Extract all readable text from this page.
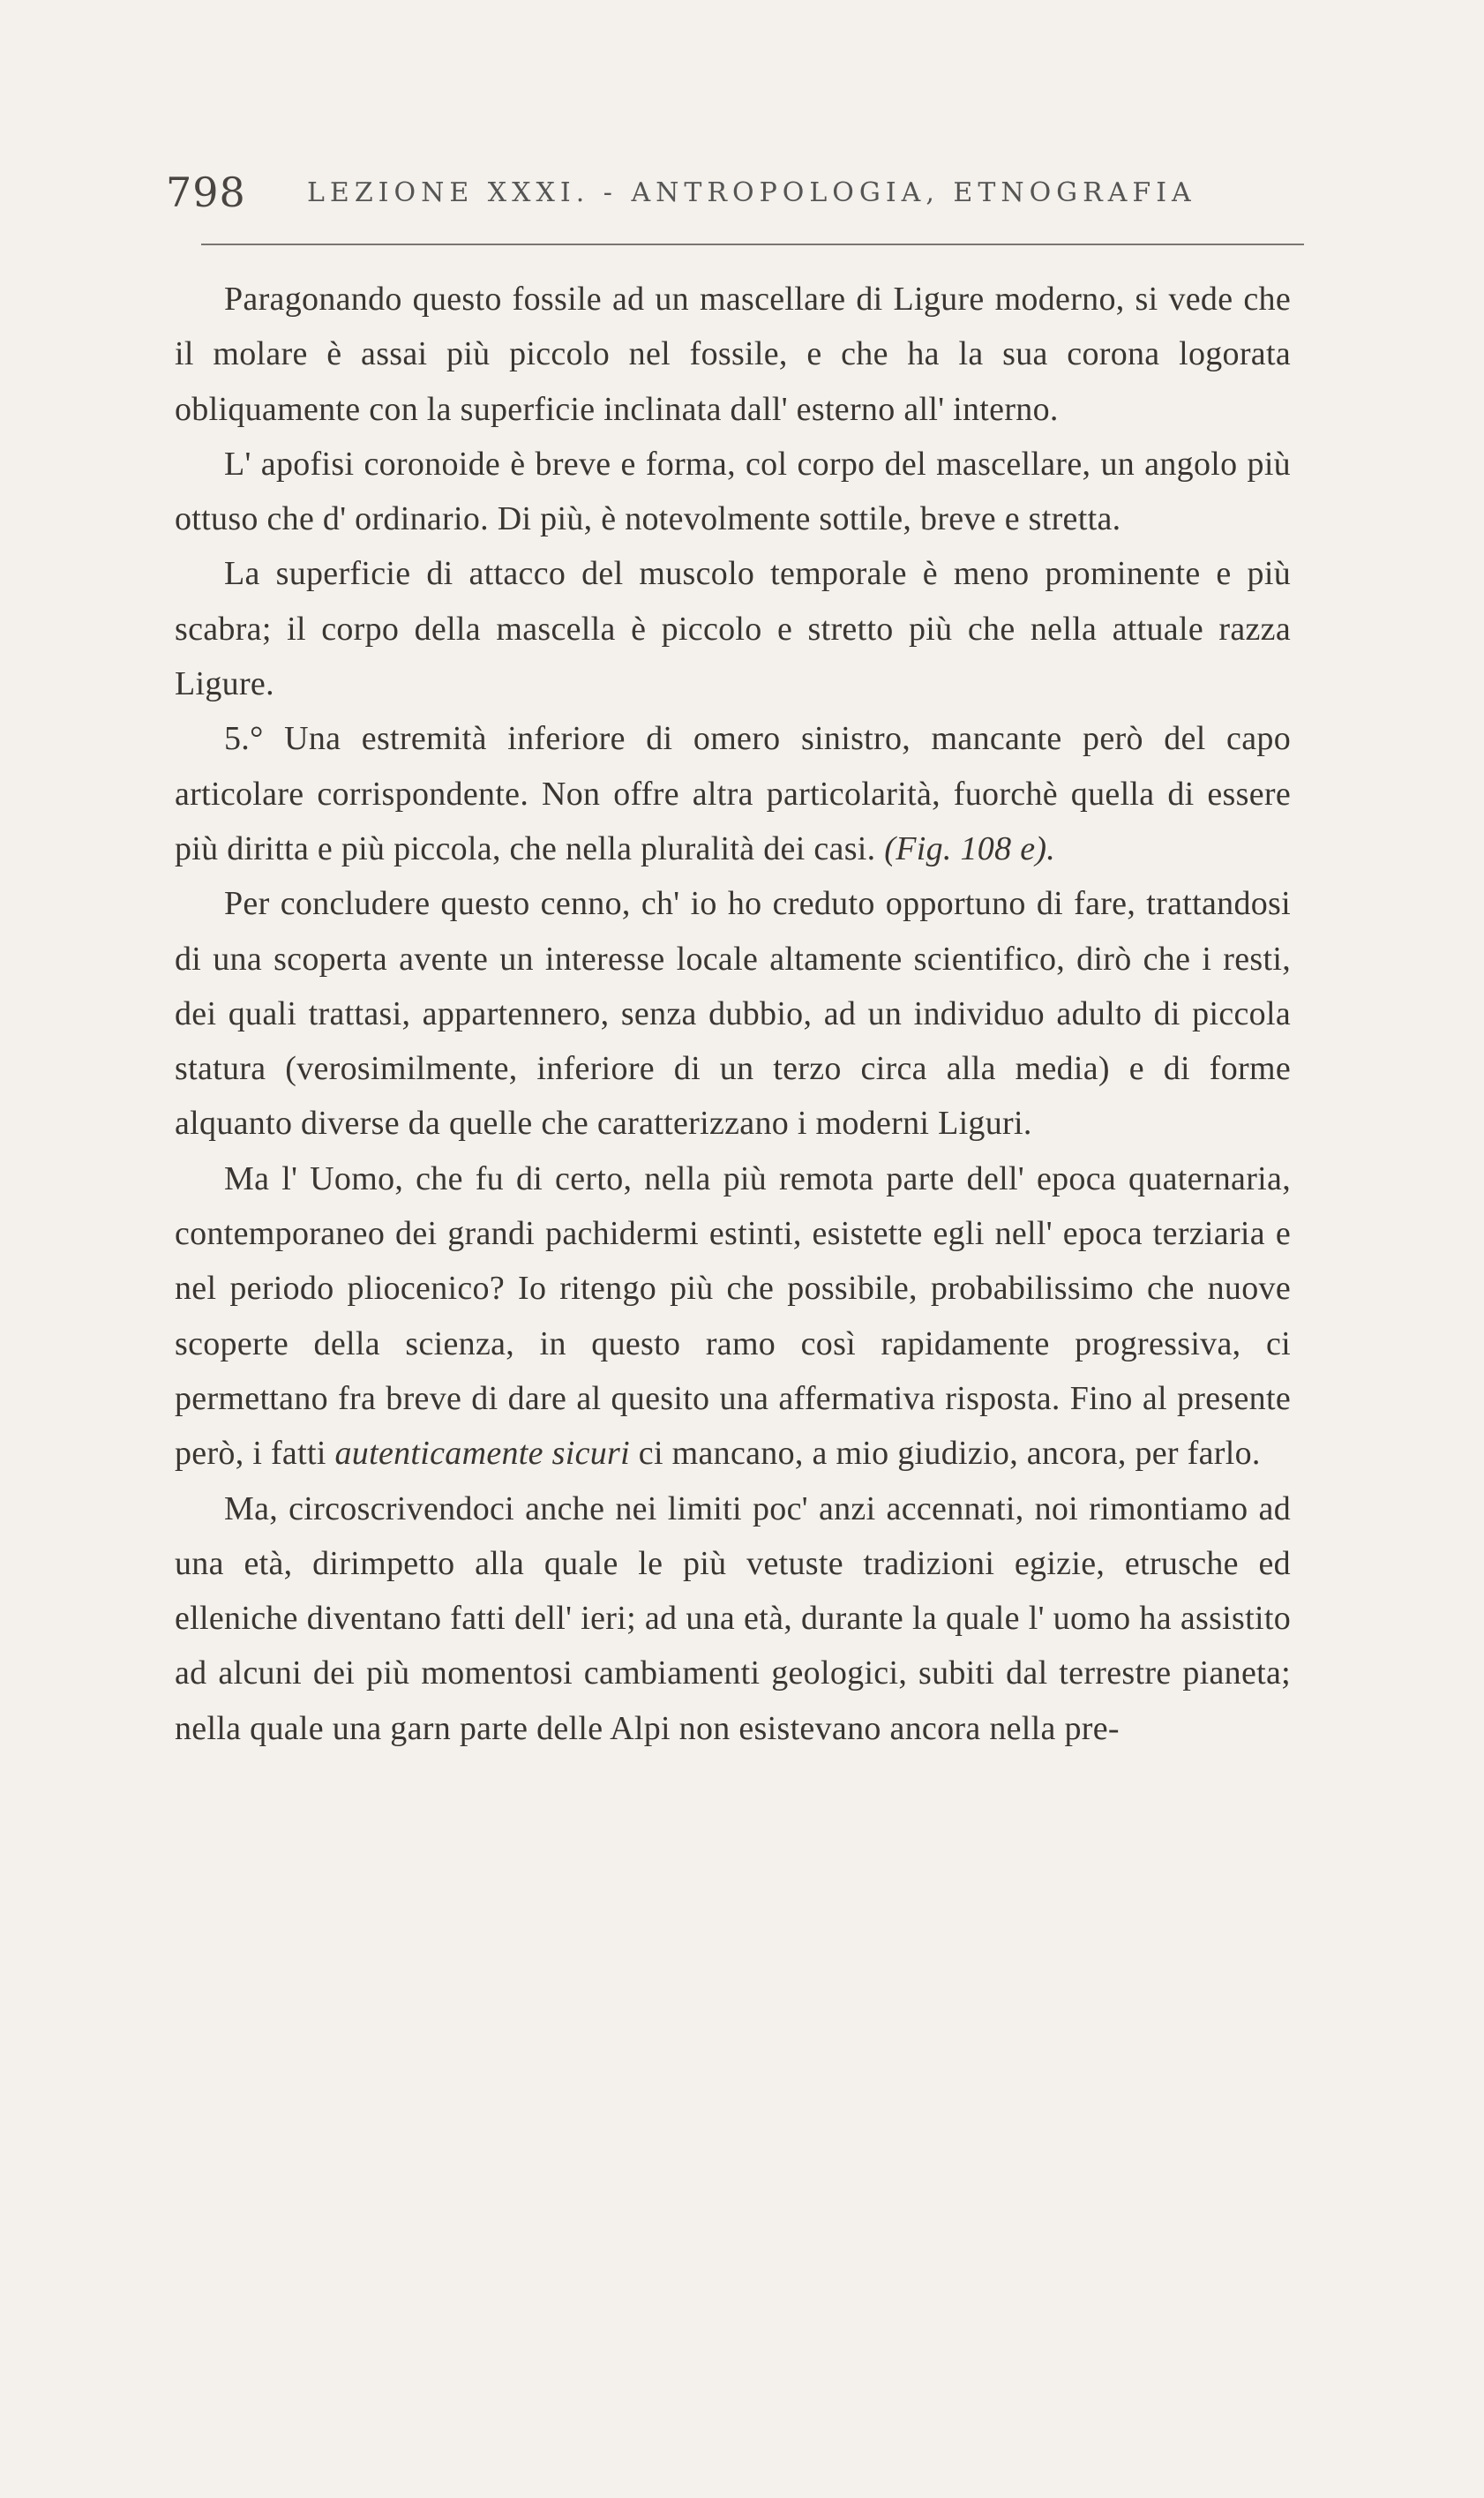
798	LEZIONE XXXI. - ANTROPOLOGIA, ETNOGRAFIA

Paragonando questo fossile ad un mascellare di Ligure moderno, si vede che il molare è assai più piccolo nel fossile, e che ha la sua corona logorata obliquamente con la superficie inclinata dall' esterno all' interno.

L' apofisi coronoide è breve e forma, col corpo del mascellare, un angolo più ottuso che d' ordinario. Di più, è notevolmente sottile, breve e stretta.

La superficie di attacco del muscolo temporale è meno prominente e più scabra; il corpo della mascella è piccolo e stretto più che nella attuale razza Ligure.

5.° Una estremità inferiore di omero sinistro, mancante però del capo articolare corrispondente. Non offre altra particolarità, fuorchè quella di essere più diritta e più piccola, che nella pluralità dei casi. (Fig. 108 e).

Per concludere questo cenno, ch' io ho creduto opportuno di fare, trattandosi di una scoperta avente un interesse locale altamente scientifico, dirò che i resti, dei quali trattasi, appartennero, senza dubbio, ad un individuo adulto di piccola statura (verosimilmente, inferiore di un terzo circa alla media) e di forme alquanto diverse da quelle che caratterizzano i moderni Liguri.

Ma l' Uomo, che fu di certo, nella più remota parte dell' epoca quaternaria, contemporaneo dei grandi pachidermi estinti, esistette egli nell' epoca terziaria e nel periodo pliocenico? Io ritengo più che possibile, probabilissimo che nuove scoperte della scienza, in questo ramo così rapidamente progressiva, ci permettano fra breve di dare al quesito una affermativa risposta. Fino al presente però, i fatti autenticamente sicuri ci mancano, a mio giudizio, ancora, per farlo.

Ma, circoscrivendoci anche nei limiti poc' anzi accennati, noi rimontiamo ad una età, dirimpetto alla quale le più vetuste tradizioni egizie, etrusche ed elleniche diventano fatti dell' ieri; ad una età, durante la quale l' uomo ha assistito ad alcuni dei più momentosi cambiamenti geologici, subiti dal terrestre pianeta; nella quale una garn parte delle Alpi non esistevano ancora nella pre-
